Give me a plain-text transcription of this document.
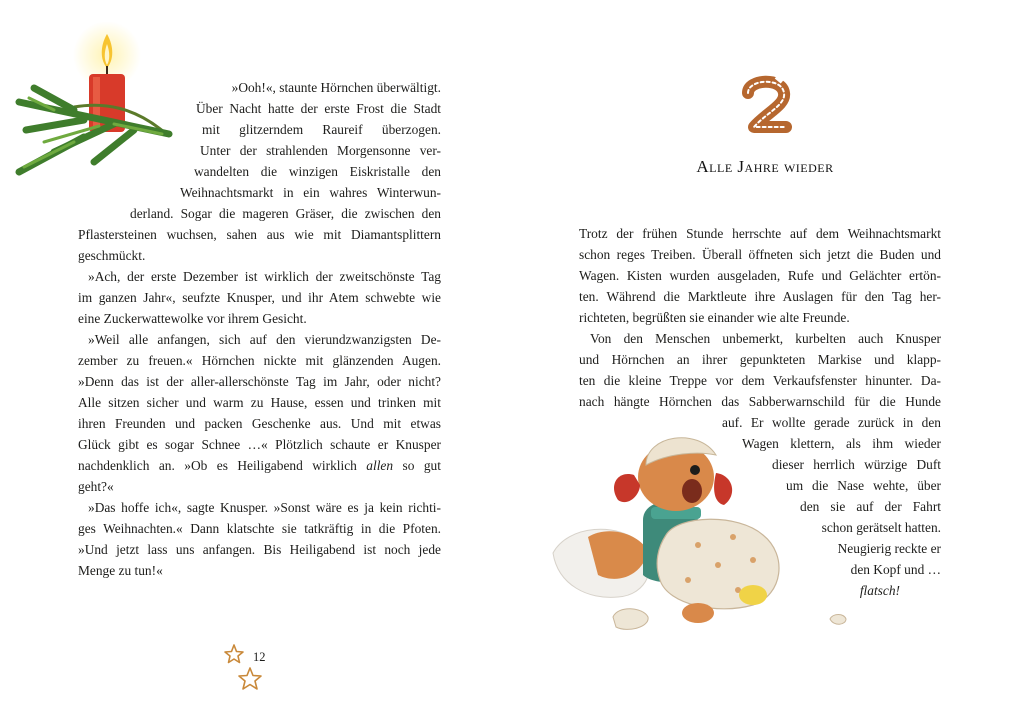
»Ooh!«, staunte Hörnchen überwältigt.
Über Nacht hatte der erste Frost die Stadt
mit glitzerndem Raureif überzogen.
Unter der strahlenden Morgensonne ver-
wandelten die winzigen Eiskristalle den
Weihnachtsmarkt in ein wahres Winterwun-
derland. Sogar die mageren Gräser, die zwischen den
Pflastersteinen wuchsen, sahen aus wie mit Diamantsplittern
geschmückt.
»Ach, der erste Dezember ist wirklich der zweitschönste Tag
im ganzen Jahr«, seufzte Knusper, und ihr Atem schwebte wie
eine Zuckerwattewolke vor ihrem Gesicht.
»Weil alle anfangen, sich auf den vierundzwanzigsten De-
zember zu freuen.« Hörnchen nickte mit glänzenden Augen.
»Denn das ist der aller-allerschönste Tag im Jahr, oder nicht?
Alle sitzen sicher und warm zu Hause, essen und trinken mit
ihren Freunden und packen Geschenke aus. Und mit etwas
Glück gibt es sogar Schnee …« Plötzlich schaute er Knusper
nachdenklich an. »Ob es Heiligabend wirklich allen so gut
geht?«
»Das hoffe ich«, sagte Knusper. »Sonst wäre es ja kein richti-
ges Weihnachten.« Dann klatschte sie tatkräftig in die Pfoten.
»Und jetzt lass uns anfangen. Bis Heiligabend ist noch jede
Menge zu tun!«
12
Alle Jahre wieder
Trotz der frühen Stunde herrschte auf dem Weihnachtsmarkt
schon reges Treiben. Überall öffneten sich jetzt die Buden und
Wagen. Kisten wurden ausgeladen, Rufe und Gelächter ertön-
ten. Während die Marktleute ihre Auslagen für den Tag her-
richteten, begrüßten sie einander wie alte Freunde.
Von den Menschen unbemerkt, kurbelten auch Knusper
und Hörnchen an ihrer gepunkteten Markise und klapp-
ten die kleine Treppe vor dem Verkaufsfenster hinunter. Da-
nach hängte Hörnchen das Sabberwarnschild für die Hunde
auf. Er wollte gerade zurück in den
Wagen klettern, als ihm wieder
dieser herrlich würzige Duft
um die Nase wehte, über
den sie auf der Fahrt
schon gerätselt hatten.
Neugierig reckte er
den Kopf und …
flatsch!
